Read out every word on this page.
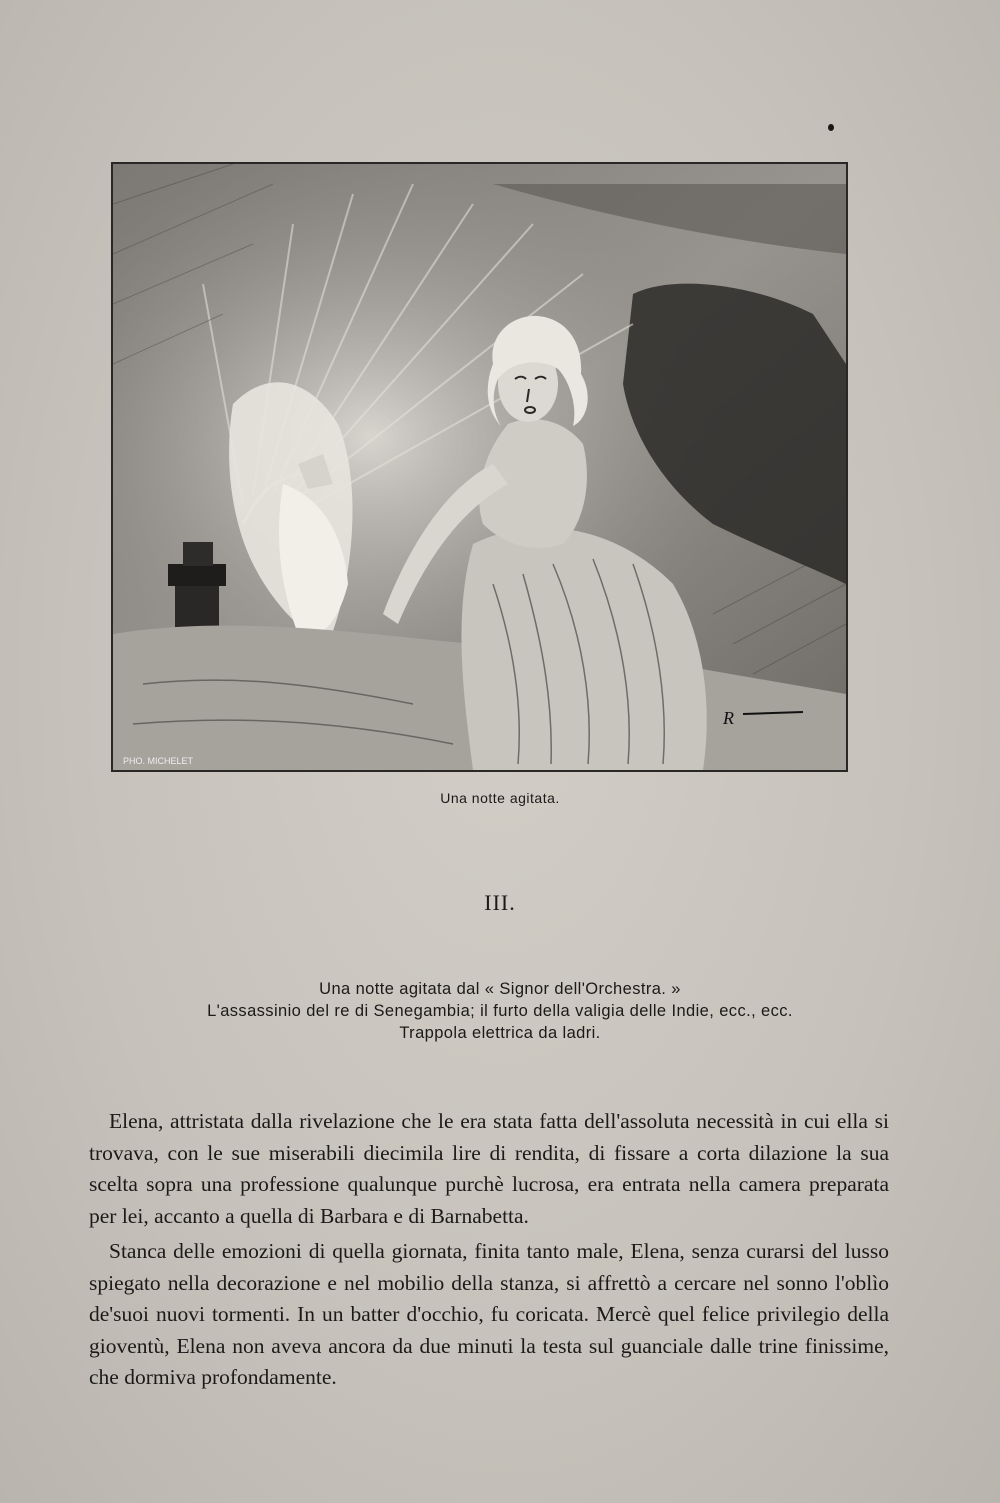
PHO. MICHELET
R
Una notte agitata.
III.
Una notte agitata dal « Signor dell'Orchestra. »
L'assassinio del re di Senegambia; il furto della valigia delle Indie, ecc., ecc.
Trappola elettrica da ladri.

Elena, attristata dalla rivelazione che le era stata fatta dell'assoluta necessità in cui ella si trovava, con le sue miserabili diecimila lire di rendita, di fissare a corta dilazione la sua scelta sopra una professione qualunque purchè lucrosa, era entrata nella camera preparata per lei, accanto a quella di Barbara e di Barnabetta.

Stanca delle emozioni di quella giornata, finita tanto male, Elena, senza curarsi del lusso spiegato nella decorazione e nel mobilio della stanza, si affrettò a cercare nel sonno l'oblìo de'suoi nuovi tormenti. In un batter d'occhio, fu coricata. Mercè quel felice privilegio della gioventù, Elena non aveva ancora da due minuti la testa sul guanciale dalle trine finissime, che dormiva profondamente.
